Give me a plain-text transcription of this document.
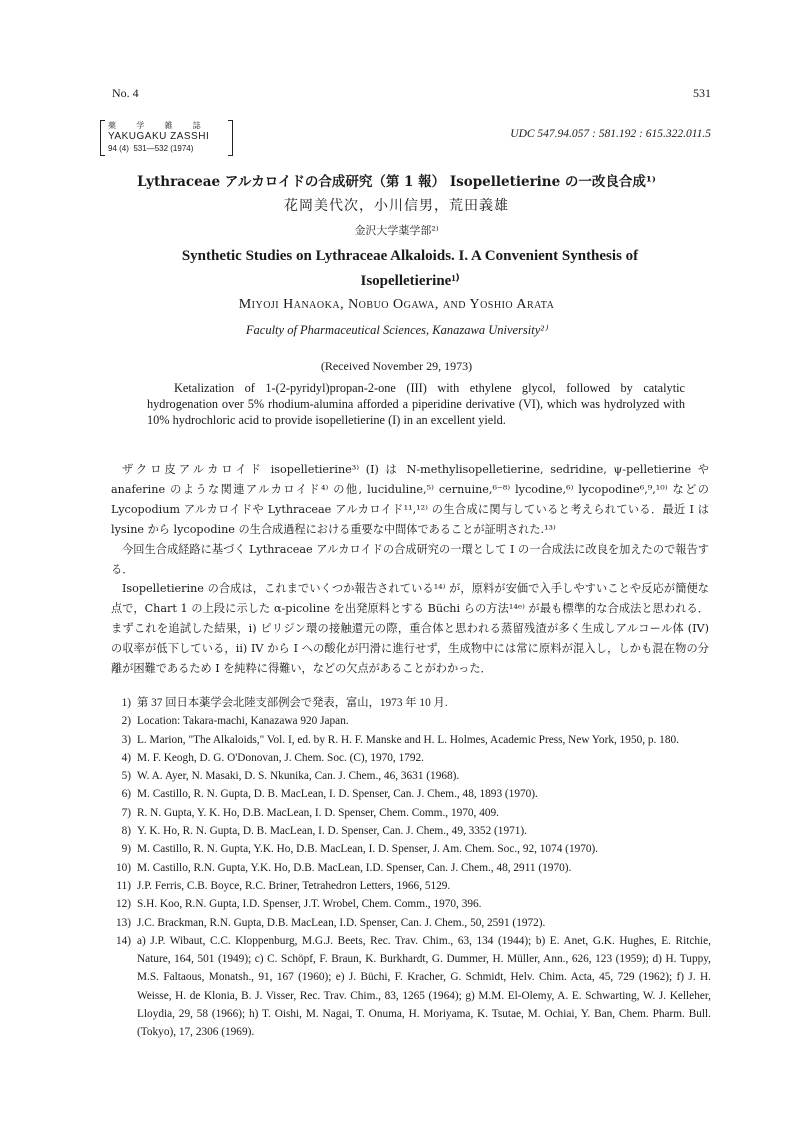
No. 4	531
薬 学 雑 誌
YAKUGAKU ZASSHI
94 (4)  531—532 (1974)
UDC 547.94.057 : 581.192 : 615.322.011.5
Lythraceae アルカロイドの合成研究（第 1 報） Isopelletierine の一改良合成¹⁾
花岡美代次，小川信男，荒田義雄
金沢大学薬学部²⁾
Synthetic Studies on Lythraceae Alkaloids. I. A Convenient Synthesis of Isopelletierine¹⁾
Miyoji Hanaoka, Nobuo Ogawa, and Yoshio Arata
Faculty of Pharmaceutical Sciences, Kanazawa University²⁾
(Received November 29, 1973)

Ketalization of 1-(2-pyridyl)propan-2-one (III) with ethylene glycol, followed by catalytic hydrogenation over 5% rhodium-alumina afforded a piperidine derivative (VI), which was hydrolyzed with 10% hydrochloric acid to provide isopelletierine (I) in an excellent yield.

ザクロ皮アルカロイド isopelletierine³⁾ (I) は N-methylisopelletierine, sedridine, ψ-pelletierine や anaferine のような関連アルカロイド⁴⁾ の他, luciduline,⁵⁾ cernuine,⁶⁻⁸⁾ lycodine,⁶⁾ lycopodine⁶,⁹,¹⁰⁾ などの Lycopodium アルカロイドや Lythraceae アルカロイド¹¹,¹²⁾ の生合成に関与していると考えられている．最近 I は lysine から lycopodine の生合成過程における重要な中間体であることが証明された.¹³⁾

今回生合成経路に基づく Lythraceae アルカロイドの合成研究の一環として I の一合成法に改良を加えたので報告する．

Isopelletierine の合成は，これまでいくつか報告されている¹⁴⁾ が，原料が安価で入手しやすいことや反応が簡便な点で，Chart 1 の上段に示した α-picoline を出発原料とする Büchi らの方法¹⁴ᵉ⁾ が最も標準的な合成法と思われる．まずこれを追試した結果，i) ピリジン環の接触還元の際，重合体と思われる蒸留残渣が多く生成しアルコール体 (IV) の収率が低下している，ii) IV から I への酸化が円滑に進行せず，生成物中には常に原料が混入し，しかも混在物の分離が困難であるため I を純粋に得難い，などの欠点があることがわかった．

1) 第 37 回日本薬学会北陸支部例会で発表，富山，1973 年 10 月.
2) Location: Takara-machi, Kanazawa 920 Japan.
3) L. Marion, "The Alkaloids," Vol. I, ed. by R. H. F. Manske and H. L. Holmes, Academic Press, New York, 1950, p. 180.
4) M. F. Keogh, D. G. O'Donovan, J. Chem. Soc. (C), 1970, 1792.
5) W. A. Ayer, N. Masaki, D. S. Nkunika, Can. J. Chem., 46, 3631 (1968).
6) M. Castillo, R. N. Gupta, D. B. MacLean, I. D. Spenser, Can. J. Chem., 48, 1893 (1970).
7) R. N. Gupta, Y. K. Ho, D.B. MacLean, I. D. Spenser, Chem. Comm., 1970, 409.
8) Y. K. Ho, R. N. Gupta, D. B. MacLean, I. D. Spenser, Can. J. Chem., 49, 3352 (1971).
9) M. Castillo, R. N. Gupta, Y.K. Ho, D.B. MacLean, I. D. Spenser, J. Am. Chem. Soc., 92, 1074 (1970).
10) M. Castillo, R.N. Gupta, Y.K. Ho, D.B. MacLean, I.D. Spenser, Can. J. Chem., 48, 2911 (1970).
11) J.P. Ferris, C.B. Boyce, R.C. Briner, Tetrahedron Letters, 1966, 5129.
12) S.H. Koo, R.N. Gupta, I.D. Spenser, J.T. Wrobel, Chem. Comm., 1970, 396.
13) J.C. Brackman, R.N. Gupta, D.B. MacLean, I.D. Spenser, Can. J. Chem., 50, 2591 (1972).
14) a) J.P. Wibaut, C.C. Kloppenburg, M.G.J. Beets, Rec. Trav. Chim., 63, 134 (1944); b) E. Anet, G.K. Hughes, E. Ritchie, Nature, 164, 501 (1949); c) C. Schöpf, F. Braun, K. Burkhardt, G. Dummer, H. Müller, Ann., 626, 123 (1959); d) H. Tuppy, M.S. Faltaous, Monatsh., 91, 167 (1960); e) J. Büchi, F. Kracher, G. Schmidt, Helv. Chim. Acta, 45, 729 (1962); f) J. H. Weisse, H. de Klonia, B. J. Visser, Rec. Trav. Chim., 83, 1265 (1964); g) M.M. El-Olemy, A. E. Schwarting, W. J. Kelleher, Lloydia, 29, 58 (1966); h) T. Oishi, M. Nagai, T. Onuma, H. Moriyama, K. Tsutae, M. Ochiai, Y. Ban, Chem. Pharm. Bull. (Tokyo), 17, 2306 (1969).
